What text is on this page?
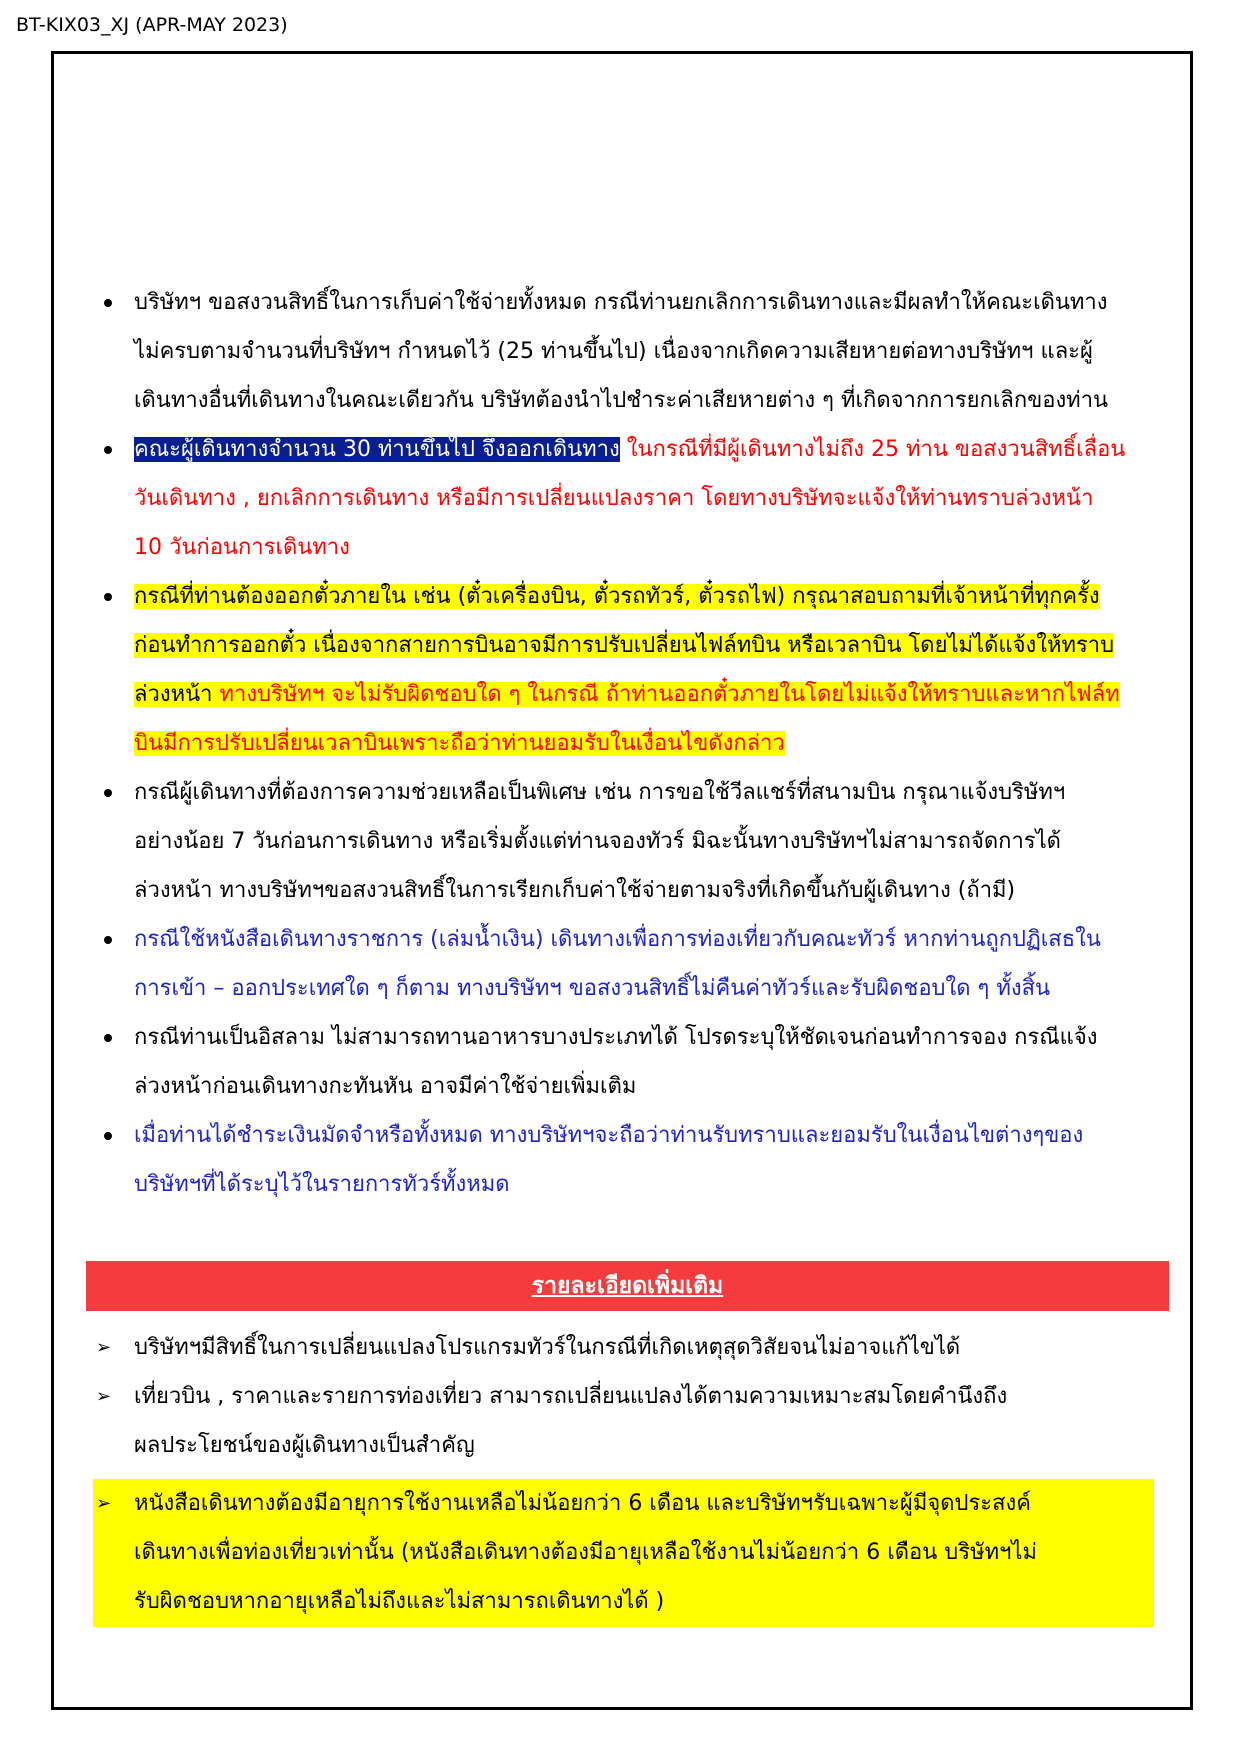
BT-KIX03_XJ (APR-MAY 2023)
บริษัทฯ ขอสงวนสิทธิ์ในการเก็บค่าใช้จ่ายทั้งหมด กรณีท่านยกเลิกการเดินทางและมีผลทำให้คณะเดินทาง
ไม่ครบตามจำนวนที่บริษัทฯ กำหนดไว้ (25 ท่านขึ้นไป) เนื่องจากเกิดความเสียหายต่อทางบริษัทฯ และผู้
เดินทางอื่นที่เดินทางในคณะเดียวกัน บริษัทต้องนำไปชำระค่าเสียหายต่าง ๆ ที่เกิดจากการยกเลิกของท่าน
คณะผู้เดินทางจำนวน 30 ท่านขึ้นไป จึงออกเดินทาง ในกรณีที่มีผู้เดินทางไม่ถึง 25 ท่าน ขอสงวนสิทธิ์เลื่อน
วันเดินทาง , ยกเลิกการเดินทาง หรือมีการเปลี่ยนแปลงราคา โดยทางบริษัทจะแจ้งให้ท่านทราบล่วงหน้า
10 วันก่อนการเดินทาง
กรณีที่ท่านต้องออกตั๋วภายใน เช่น (ตั๋วเครื่องบิน, ตั๋วรถทัวร์, ตั๋วรถไฟ) กรุณาสอบถามที่เจ้าหน้าที่ทุกครั้ง
ก่อนทำการออกตั๋ว เนื่องจากสายการบินอาจมีการปรับเปลี่ยนไฟล์ทบิน หรือเวลาบิน โดยไม่ได้แจ้งให้ทราบ
ล่วงหน้า ทางบริษัทฯ จะไม่รับผิดชอบใด ๆ ในกรณี ถ้าท่านออกตั๋วภายในโดยไม่แจ้งให้ทราบและหากไฟล์ท
บินมีการปรับเปลี่ยนเวลาบินเพราะถือว่าท่านยอมรับในเงื่อนไขดังกล่าว
กรณีผู้เดินทางที่ต้องการความช่วยเหลือเป็นพิเศษ เช่น การขอใช้วีลแชร์ที่สนามบิน กรุณาแจ้งบริษัทฯ
อย่างน้อย 7 วันก่อนการเดินทาง หรือเริ่มตั้งแต่ท่านจองทัวร์ มิฉะนั้นทางบริษัทฯไม่สามารถจัดการได้
ล่วงหน้า ทางบริษัทฯขอสงวนสิทธิ์ในการเรียกเก็บค่าใช้จ่ายตามจริงที่เกิดขึ้นกับผู้เดินทาง (ถ้ามี)
กรณีใช้หนังสือเดินทางราชการ (เล่มน้ำเงิน) เดินทางเพื่อการท่องเที่ยวกับคณะทัวร์ หากท่านถูกปฏิเสธใน
การเข้า – ออกประเทศใด ๆ ก็ตาม ทางบริษัทฯ ขอสงวนสิทธิ์ไม่คืนค่าทัวร์และรับผิดชอบใด ๆ ทั้งสิ้น
กรณีท่านเป็นอิสลาม ไม่สามารถทานอาหารบางประเภทได้ โปรดระบุให้ชัดเจนก่อนทำการจอง กรณีแจ้ง
ล่วงหน้าก่อนเดินทางกะทันหัน อาจมีค่าใช้จ่ายเพิ่มเติม
เมื่อท่านได้ชำระเงินมัดจำหรือทั้งหมด ทางบริษัทฯจะถือว่าท่านรับทราบและยอมรับในเงื่อนไขต่างๆของ
บริษัทฯที่ได้ระบุไว้ในรายการทัวร์ทั้งหมด
รายละเอียดเพิ่มเติม
➢ บริษัทฯมีสิทธิ์ในการเปลี่ยนแปลงโปรแกรมทัวร์ในกรณีที่เกิดเหตุสุดวิสัยจนไม่อาจแก้ไขได้
➢ เที่ยวบิน , ราคาและรายการท่องเที่ยว สามารถเปลี่ยนแปลงได้ตามความเหมาะสมโดยคำนึงถึง
ผลประโยชน์ของผู้เดินทางเป็นสำคัญ
➢ หนังสือเดินทางต้องมีอายุการใช้งานเหลือไม่น้อยกว่า 6 เดือน และบริษัทฯรับเฉพาะผู้มีจุดประสงค์
เดินทางเพื่อท่องเที่ยวเท่านั้น (หนังสือเดินทางต้องมีอายุเหลือใช้งานไม่น้อยกว่า 6 เดือน บริษัทฯไม่
รับผิดชอบหากอายุเหลือไม่ถึงและไม่สามารถเดินทางได้ )
